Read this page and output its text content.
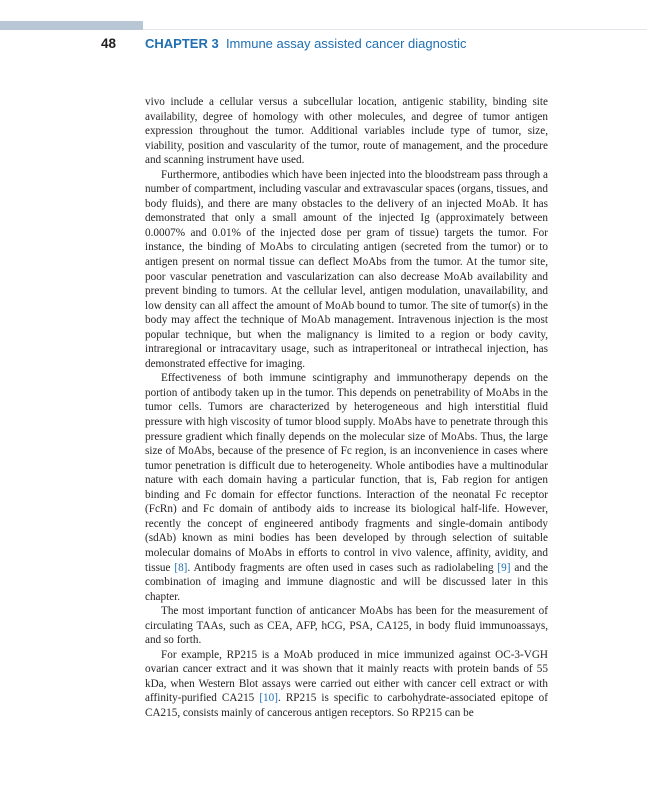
48 CHAPTER 3 Immune assay assisted cancer diagnostic

vivo include a cellular versus a subcellular location, antigenic stability, binding site availability, degree of homology with other molecules, and degree of tumor antigen expression throughout the tumor. Additional variables include type of tumor, size, viability, position and vascularity of the tumor, route of management, and the procedure and scanning instrument have used.

Furthermore, antibodies which have been injected into the bloodstream pass through a number of compartment, including vascular and extravascular spaces (organs, tissues, and body fluids), and there are many obstacles to the delivery of an injected MoAb. It has demonstrated that only a small amount of the injected Ig (approximately between 0.0007% and 0.01% of the injected dose per gram of tissue) targets the tumor. For instance, the binding of MoAbs to circulating antigen (secreted from the tumor) or to antigen present on normal tissue can deflect MoAbs from the tumor. At the tumor site, poor vascular penetration and vascularization can also decrease MoAb availability and prevent binding to tumors. At the cellular level, antigen modulation, unavailability, and low density can all affect the amount of MoAb bound to tumor. The site of tumor(s) in the body may affect the technique of MoAb management. Intravenous injection is the most popular technique, but when the malignancy is limited to a region or body cavity, intraregional or intracavitary usage, such as intraperitoneal or intrathecal injection, has demonstrated effective for imaging.

Effectiveness of both immune scintigraphy and immunotherapy depends on the portion of antibody taken up in the tumor. This depends on penetrability of MoAbs in the tumor cells. Tumors are characterized by heterogeneous and high interstitial fluid pressure with high viscosity of tumor blood supply. MoAbs have to penetrate through this pressure gradient which finally depends on the molecular size of MoAbs. Thus, the large size of MoAbs, because of the presence of Fc region, is an inconvenience in cases where tumor penetration is difficult due to heterogeneity. Whole antibodies have a multinodular nature with each domain having a particular function, that is, Fab region for antigen binding and Fc domain for effector functions. Interaction of the neonatal Fc receptor (FcRn) and Fc domain of antibody aids to increase its biological half-life. However, recently the concept of engineered antibody fragments and single-domain antibody (sdAb) known as mini bodies has been developed by through selection of suitable molecular domains of MoAbs in efforts to control in vivo valence, affinity, avidity, and tissue [8]. Antibody fragments are often used in cases such as radiolabeling [9] and the combination of imaging and immune diagnostic and will be discussed later in this chapter.

The most important function of anticancer MoAbs has been for the measurement of circulating TAAs, such as CEA, AFP, hCG, PSA, CA125, in body fluid immunoassays, and so forth.

For example, RP215 is a MoAb produced in mice immunized against OC-3-VGH ovarian cancer extract and it was shown that it mainly reacts with protein bands of 55 kDa, when Western Blot assays were carried out either with cancer cell extract or with affinity-purified CA215 [10]. RP215 is specific to carbohydrate-associated epitope of CA215, consists mainly of cancerous antigen receptors. So RP215 can be
